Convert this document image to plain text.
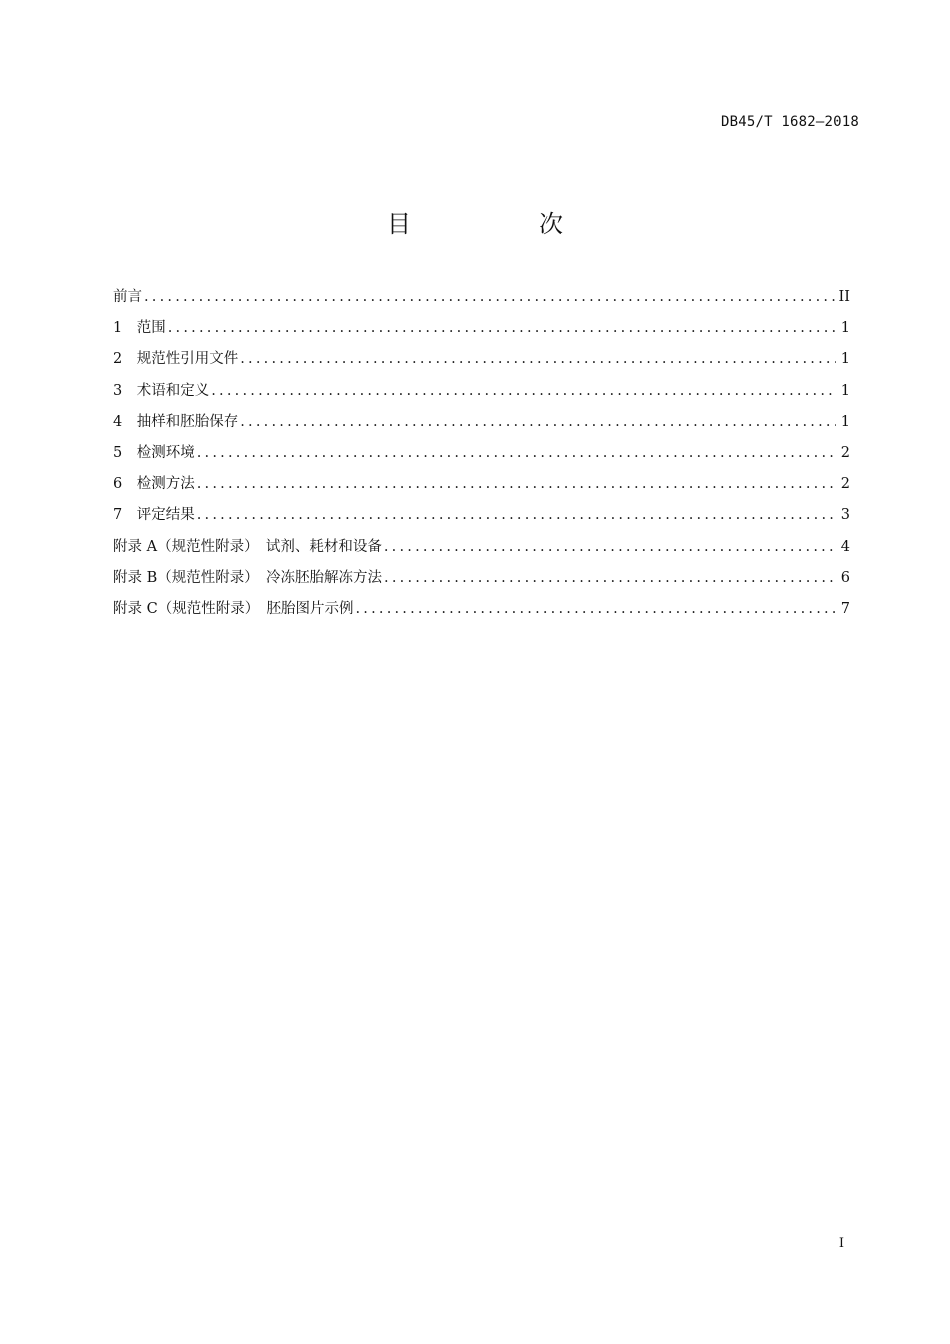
DB45/T 1682—2018
目　次
前言 .....	II
1　范围 .....	1
2　规范性引用文件 .....	1
3　术语和定义 .....	1
4　抽样和胚胎保存 .....	1
5　检测环境 .....	2
6　检测方法 .....	2
7　评定结果 .....	3
附录 A（规范性附录）　试剂、耗材和设备 .....	4
附录 B（规范性附录）　冷冻胚胎解冻方法 .....	6
附录 C（规范性附录）　胚胎图片示例 .....	7
I
